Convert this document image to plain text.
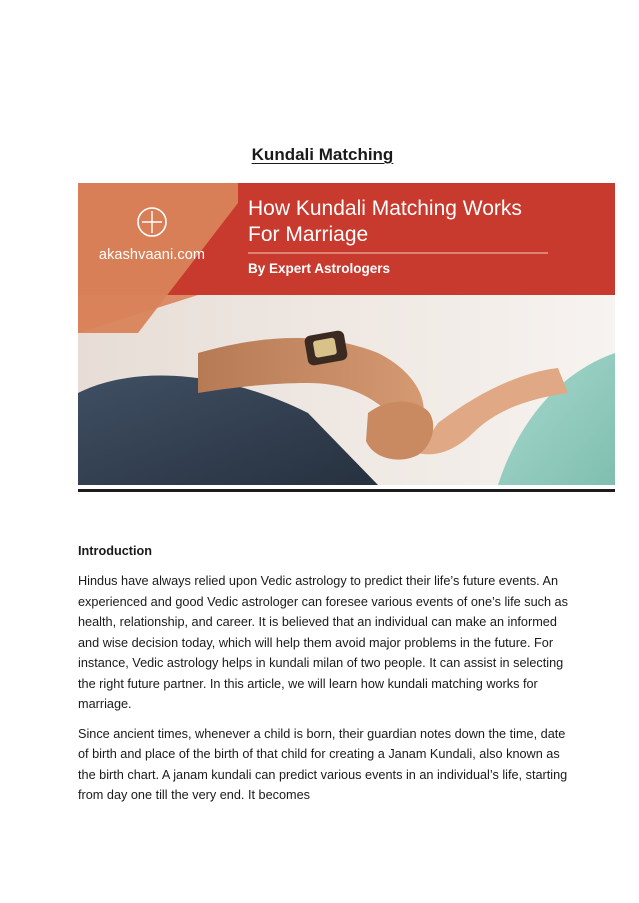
Kundali Matching
akashvaani.com
How Kundali Matching Works
For Marriage
By Expert Astrologers
Introduction

Hindus have always relied upon Vedic astrology to predict their life’s future events. An experienced and good Vedic astrologer can foresee various events of one’s life such as health, relationship, and career. It is believed that an individual can make an informed and wise decision today, which will help them avoid major problems in the future. For instance, Vedic astrology helps in kundali milan of two people. It can assist in selecting the right future partner. In this article, we will learn how kundali matching works for marriage.

Since ancient times, whenever a child is born, their guardian notes down the time, date of birth and place of the birth of that child for creating a Janam Kundali, also known as the birth chart. A janam kundali can predict various events in an individual’s life, starting from day one till the very end. It becomes
